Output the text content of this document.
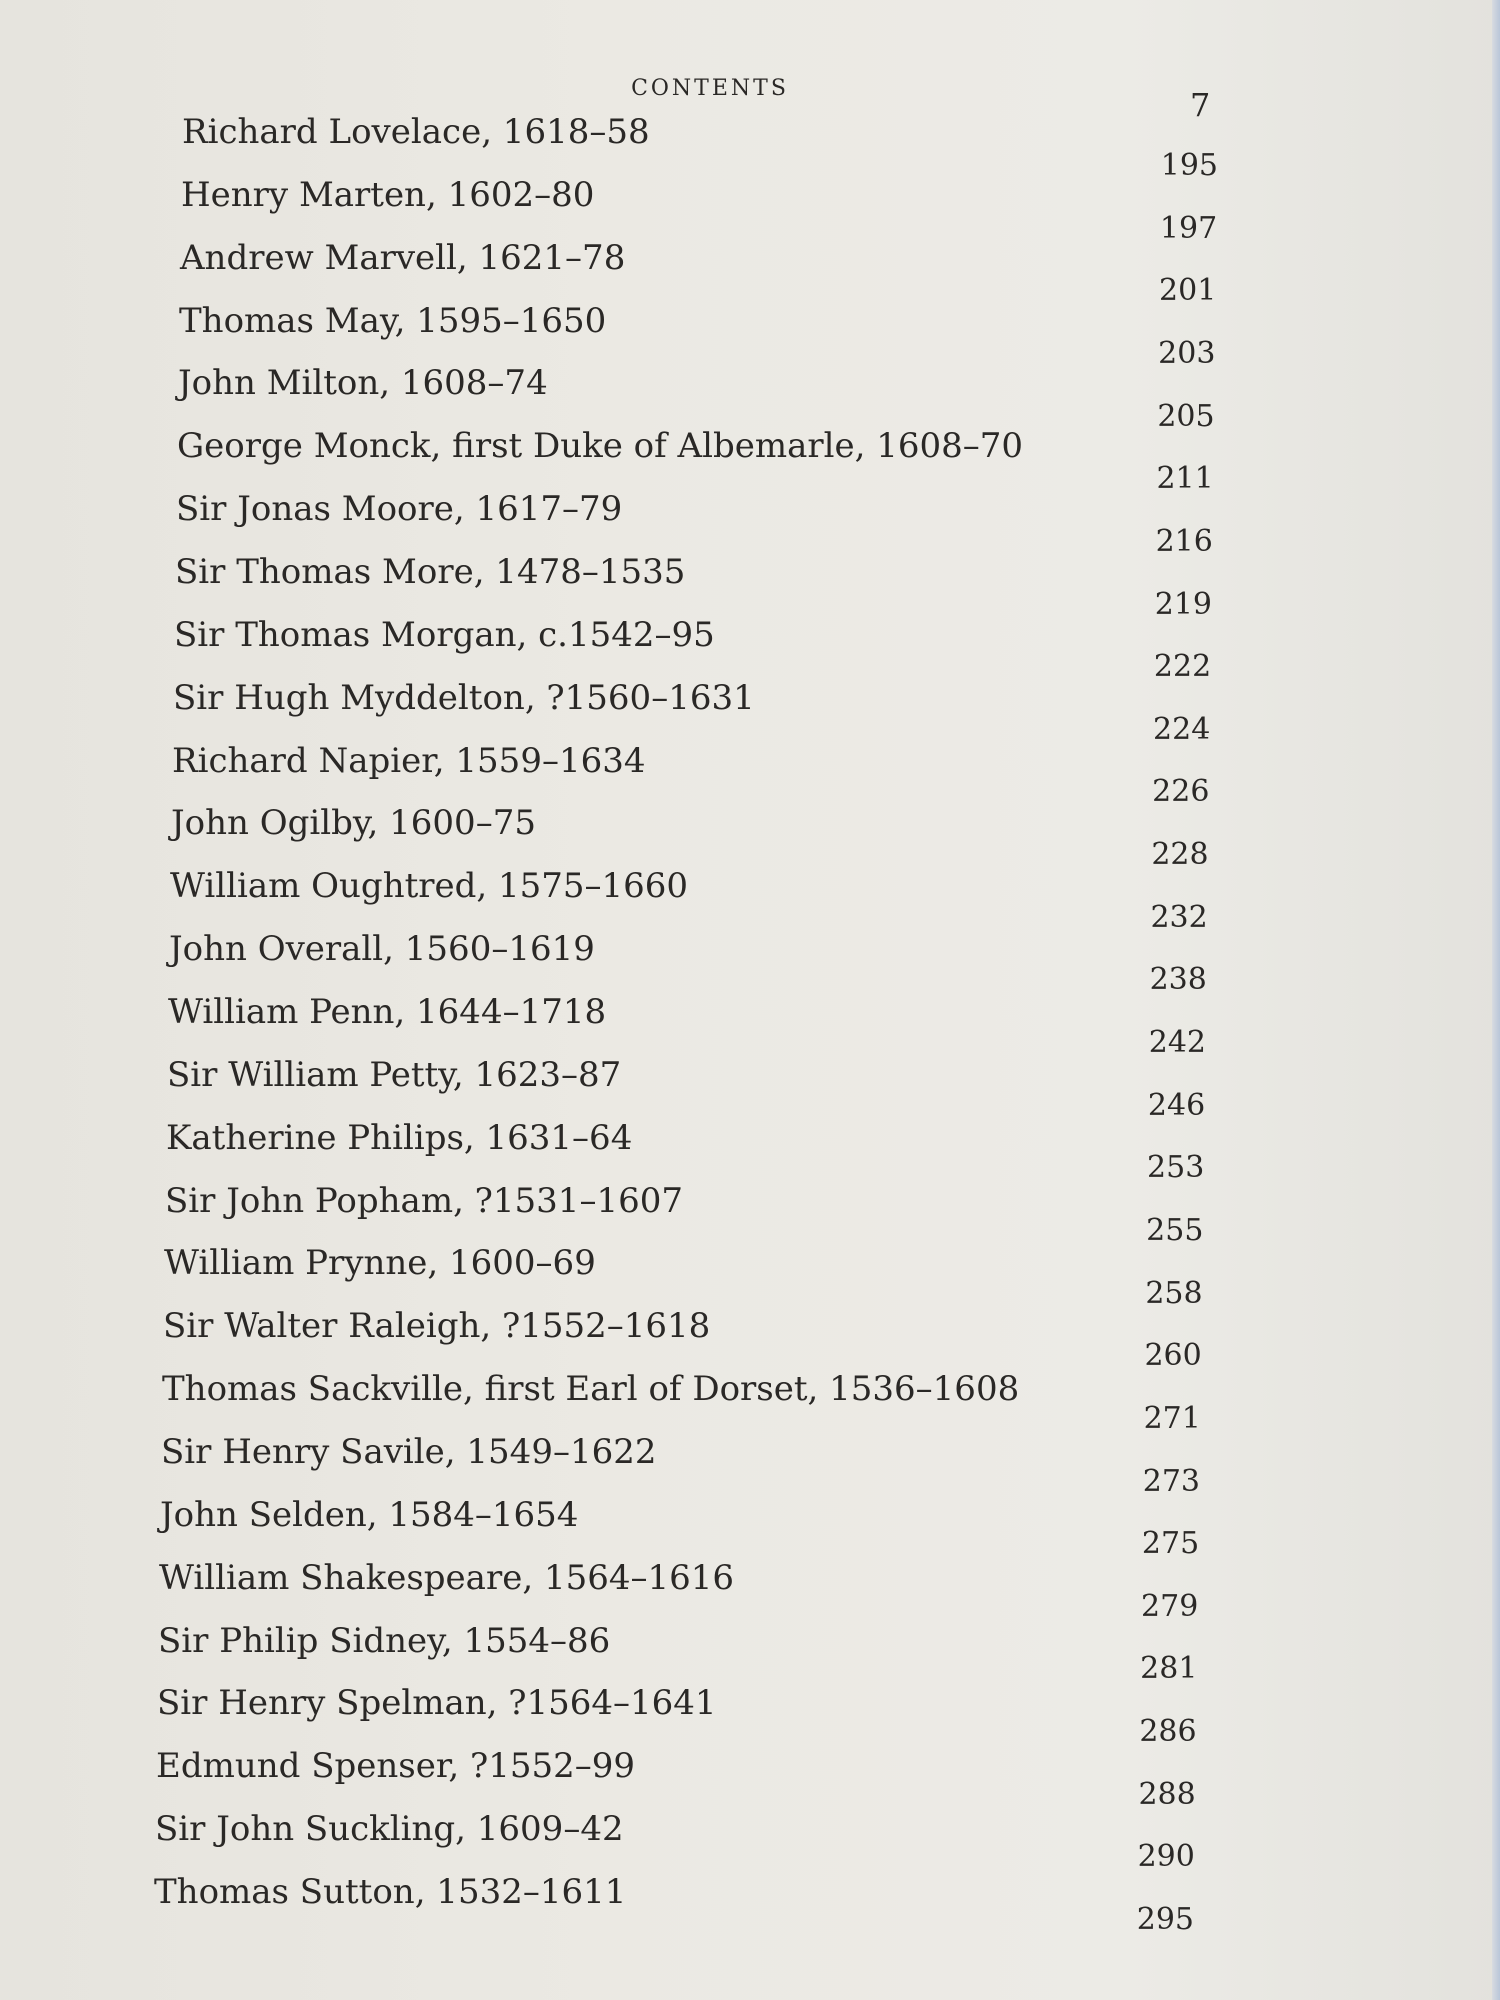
CONTENTS	7
Richard Lovelace, 1618–58
195
Henry Marten, 1602–80
197
Andrew Marvell, 1621–78
201
Thomas May, 1595–1650
203
John Milton, 1608–74
205
George Monck, first Duke of Albemarle, 1608–70
211
Sir Jonas Moore, 1617–79
216
Sir Thomas More, 1478–1535
219
Sir Thomas Morgan, c.1542–95
222
Sir Hugh Myddelton, ?1560–1631
224
Richard Napier, 1559–1634
226
John Ogilby, 1600–75
228
William Oughtred, 1575–1660
232
John Overall, 1560–1619
238
William Penn, 1644–1718
242
Sir William Petty, 1623–87
246
Katherine Philips, 1631–64
253
Sir John Popham, ?1531–1607
255
William Prynne, 1600–69
258
Sir Walter Raleigh, ?1552–1618
260
Thomas Sackville, first Earl of Dorset, 1536–1608
271
Sir Henry Savile, 1549–1622
273
John Selden, 1584–1654
275
William Shakespeare, 1564–1616
279
Sir Philip Sidney, 1554–86
281
Sir Henry Spelman, ?1564–1641
286
Edmund Spenser, ?1552–99
288
Sir John Suckling, 1609–42
290
Thomas Sutton, 1532–1611
295
